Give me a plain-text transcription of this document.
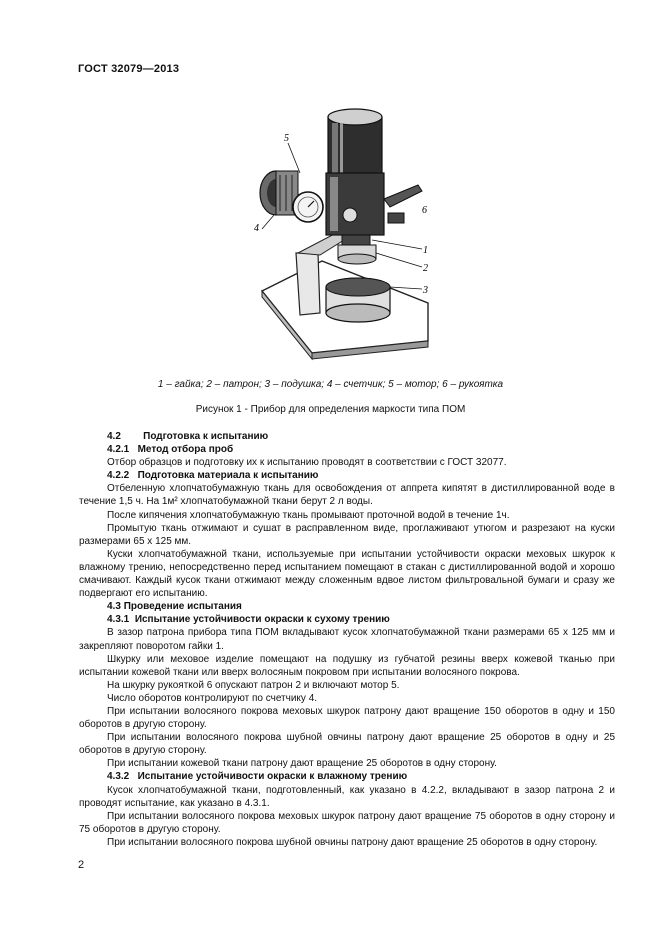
ГОСТ 32079—2013
1
2
3
4
5
6
1 – гайка; 2 – патрон; 3 – подушка; 4 – счетчик; 5 – мотор; 6 – рукоятка
Рисунок 1 - Прибор для определения маркости типа ПОМ

4.2 Подготовка к испытанию

4.2.1 Метод отбора проб

Отбор образцов и подготовку их к испытанию проводят в соответствии с ГОСТ 32077.

4.2.2 Подготовка материала к испытанию

Отбеленную хлопчатобумажную ткань для освобождения от аппрета кипятят в дистиллированной воде в течение 1,5 ч. На 1м² хлопчатобумажной ткани берут 2 л воды.

После кипячения хлопчатобумажную ткань промывают проточной водой в течение 1ч.

Промытую ткань отжимают и сушат в расправленном виде, проглаживают утюгом и разрезают на куски размерами 65 х 125 мм.

Куски хлопчатобумажной ткани, используемые при испытании устойчивости окраски меховых шкурок к влажному трению, непосредственно перед испытанием помещают в стакан с дистиллированной водой и хорошо смачивают. Каждый кусок ткани отжимают между сложенным вдвое листом фильтровальной бумаги и сразу же подвергают его испытанию.

4.3 Проведение испытания

4.3.1 Испытание устойчивости окраски к сухому трению

В зазор патрона прибора типа ПОМ вкладывают кусок хлопчатобумажной ткани размерами 65 х 125 мм и закрепляют поворотом гайки 1.

Шкурку или меховое изделие помещают на подушку из губчатой резины вверх кожевой тканью при испытании кожевой ткани или вверх волосяным покровом при испытании волосяного покрова.

На шкурку рукояткой 6 опускают патрон 2 и включают мотор 5.

Число оборотов контролируют по счетчику 4.

При испытании волосяного покрова меховых шкурок патрону дают вращение 150 оборотов в одну и 150 оборотов в другую сторону.

При испытании волосяного покрова шубной овчины патрону дают вращение 25 оборотов в одну и 25 оборотов в другую сторону.

При испытании кожевой ткани патрону дают вращение 25 оборотов в одну сторону.

4.3.2 Испытание устойчивости окраски к влажному трению

Кусок хлопчатобумажной ткани, подготовленный, как указано в 4.2.2, вкладывают в зазор патрона 2 и проводят испытание, как указано в 4.3.1.

При испытании волосяного покрова меховых шкурок патрону дают вращение 75 оборотов в одну сторону и 75 оборотов в другую сторону.

При испытании волосяного покрова шубной овчины патрону дают вращение 25 оборотов в одну сторону.

2
